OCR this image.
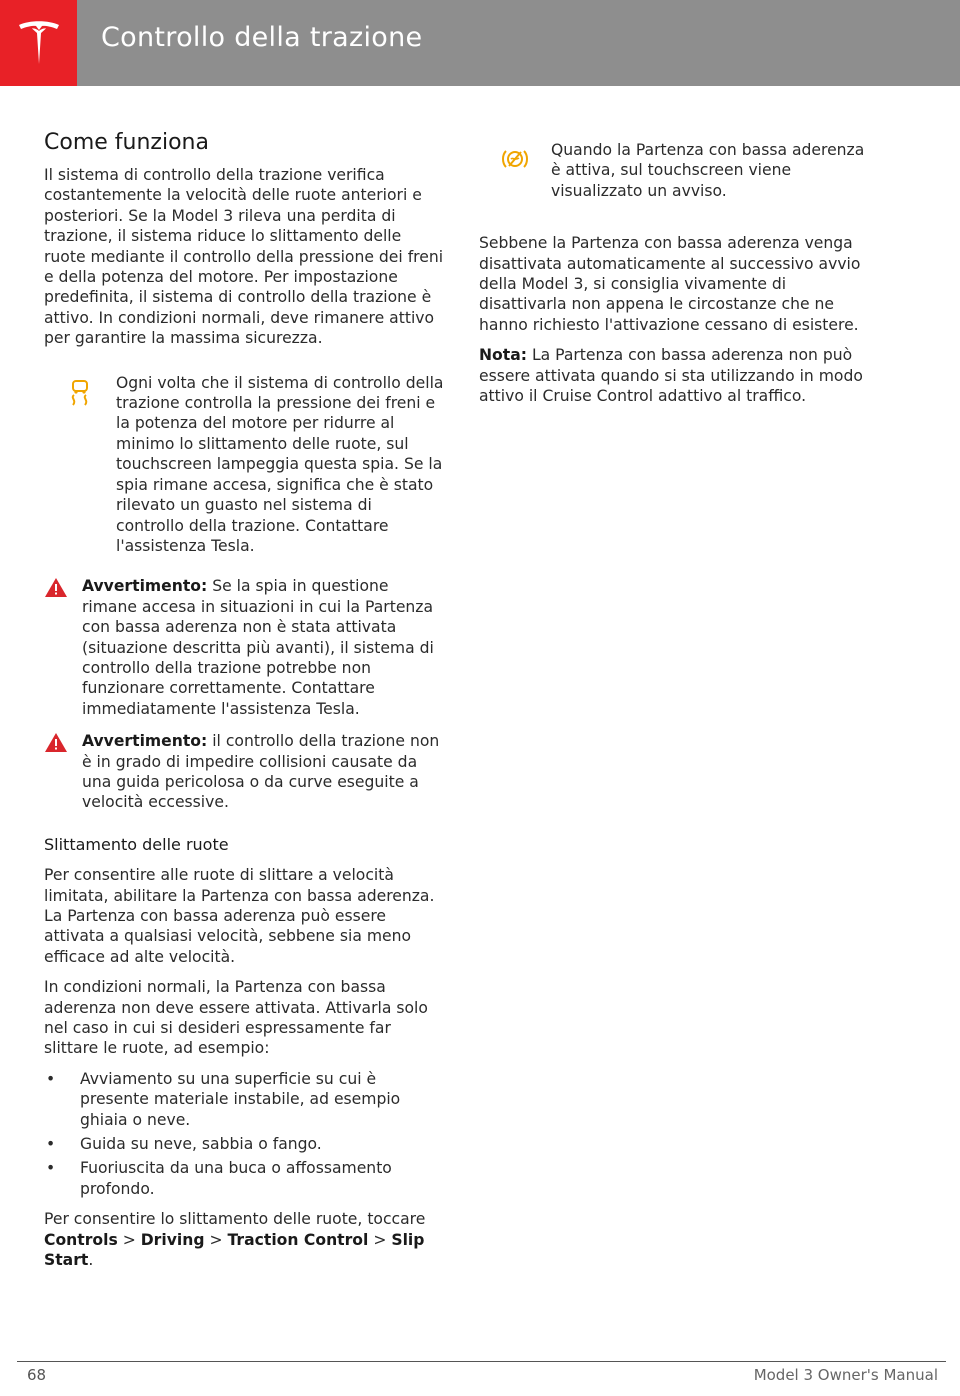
Controllo della trazione
Come funziona

Il sistema di controllo della trazione verifica costantemente la velocità delle ruote anteriori e posteriori. Se la Model 3 rileva una perdita di trazione, il sistema riduce lo slittamento delle ruote mediante il controllo della pressione dei freni e della potenza del motore. Per impostazione predefinita, il sistema di controllo della trazione è attivo. In condizioni normali, deve rimanere attivo per garantire la massima sicurezza.

Ogni volta che il sistema di controllo della trazione controlla la pressione dei freni e la potenza del motore per ridurre al minimo lo slittamento delle ruote, sul touchscreen lampeggia questa spia. Se la spia rimane accesa, significa che è stato rilevato un guasto nel sistema di controllo della trazione. Contattare l'assistenza Tesla.
Avvertimento: Se la spia in questione rimane accesa in situazioni in cui la Partenza con bassa aderenza non è stata attivata (situazione descritta più avanti), il sistema di controllo della trazione potrebbe non funzionare correttamente. Contattare immediatamente l'assistenza Tesla.
Avvertimento: il controllo della trazione non è in grado di impedire collisioni causate da una guida pericolosa o da curve eseguite a velocità eccessive.
Slittamento delle ruote

Per consentire alle ruote di slittare a velocità limitata, abilitare la Partenza con bassa aderenza. La Partenza con bassa aderenza può essere attivata a qualsiasi velocità, sebbene sia meno efficace ad alte velocità.

In condizioni normali, la Partenza con bassa aderenza non deve essere attivata. Attivarla solo nel caso in cui si desideri espressamente far slittare le ruote, ad esempio:

•	Avviamento su una superficie su cui è presente materiale instabile, ad esempio ghiaia o neve.
•	Guida su neve, sabbia o fango.
•	Fuoriuscita da una buca o affossamento profondo.

Per consentire lo slittamento delle ruote, toccare Controls > Driving > Traction Control > Slip Start.

Quando la Partenza con bassa aderenza è attiva, sul touchscreen viene visualizzato un avviso.

Sebbene la Partenza con bassa aderenza venga disattivata automaticamente al successivo avvio della Model 3, si consiglia vivamente di disattivarla non appena le circostanze che ne hanno richiesto l'attivazione cessano di esistere.

Nota: La Partenza con bassa aderenza non può essere attivata quando si sta utilizzando in modo attivo il Cruise Control adattivo al traffico.

68	Model 3 Owner's Manual
